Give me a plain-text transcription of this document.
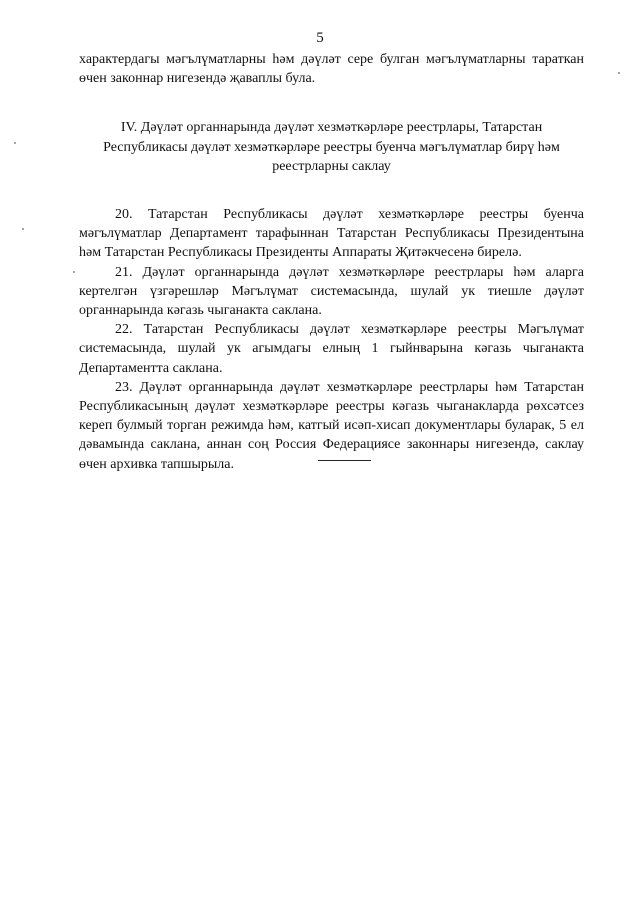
5

характердагы мәгълүматларны һәм дәүләт сере булган мәгълүматларны тараткан өчен законнар нигезендә җаваплы була.

IV. Дәүләт органнарында дәүләт хезмәткәрләре реестрлары, Татарстан Республикасы дәүләт хезмәткәрләре реестры буенча мәгълүматлар бирү һәм реестрларны саклау

20. Татарстан Республикасы дәүләт хезмәткәрләре реестры буенча мәгълүматлар Департамент тарафыннан Татарстан Республикасы Президентына һәм Татарстан Республикасы Президенты Аппараты Җитәкчесенә бирелә.

21. Дәүләт органнарында дәүләт хезмәткәрләре реестрлары һәм аларга кертелгән үзгәрешләр Мәгълүмат системасында, шулай ук тиешле дәүләт органнарында кәгазь чыганакта саклана.

22. Татарстан Республикасы дәүләт хезмәткәрләре реестры Мәгълүмат системасында, шулай ук агымдагы елның 1 гыйнварына кәгазь чыганакта Департаментта саклана.

23. Дәүләт органнарында дәүләт хезмәткәрләре реестрлары һәм Татарстан Республикасының дәүләт хезмәткәрләре реестры кәгазь чыганакларда рөхсәтсез кереп булмый торган режимда һәм, катгый исәп-хисап документлары буларак, 5 ел дәвамында саклана, аннан соң Россия Федерациясе законнары нигезендә, саклау өчен архивка тапшырыла.
